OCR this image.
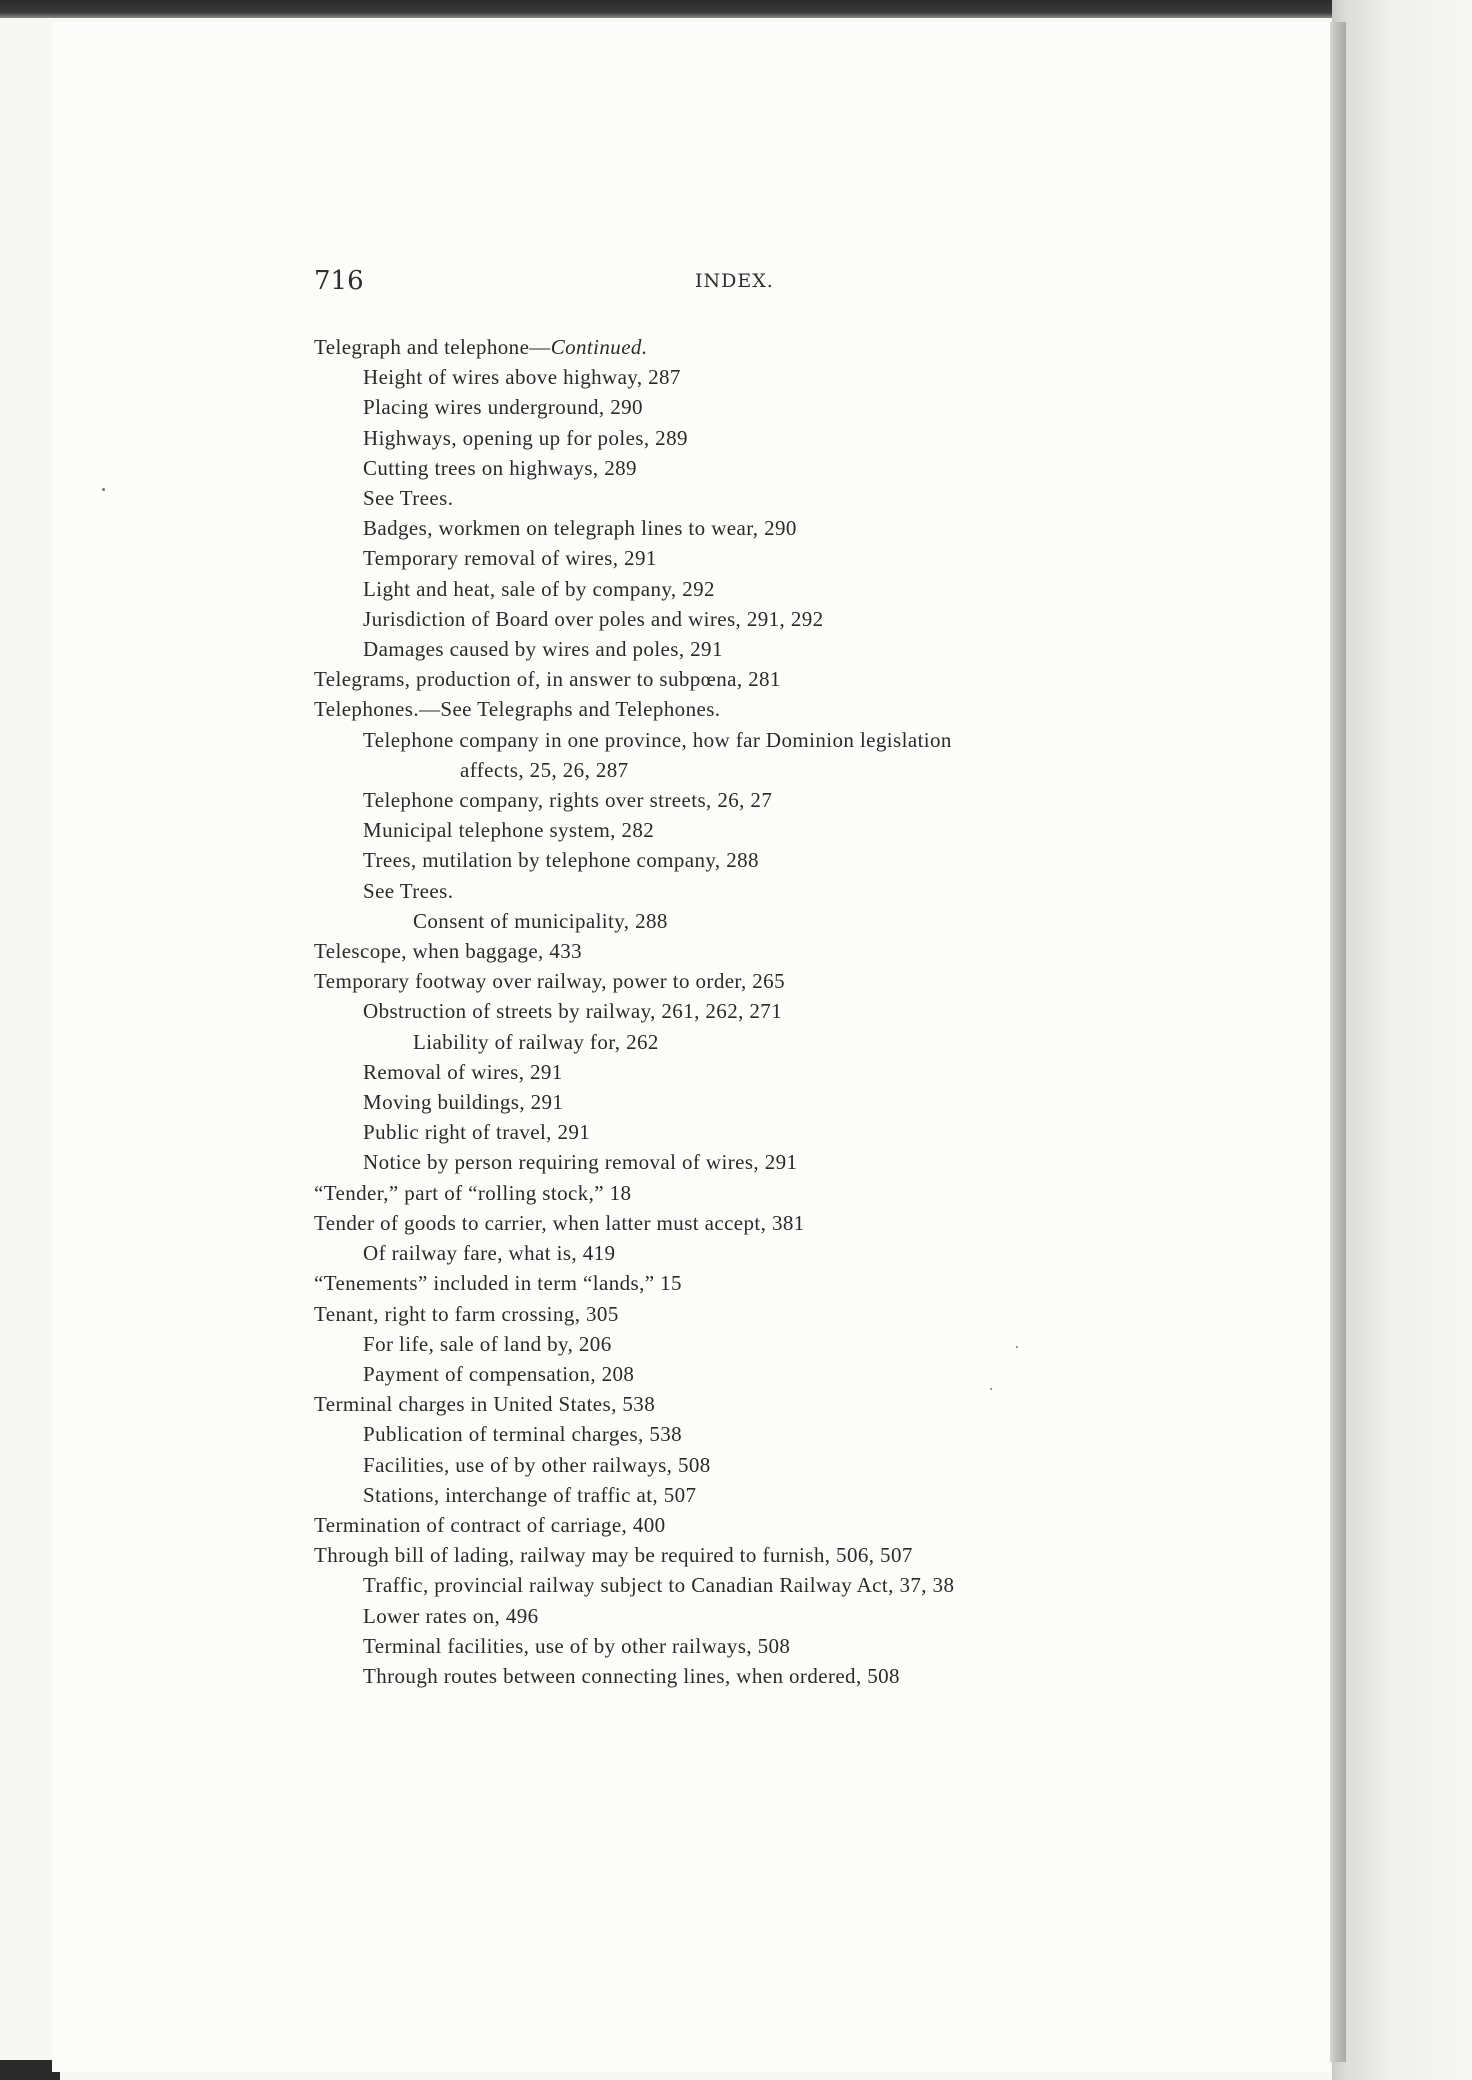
716	INDEX.
Telegraph and telephone—Continued.
Height of wires above highway, 287
Placing wires underground, 290
Highways, opening up for poles, 289
Cutting trees on highways, 289
See Trees.
Badges, workmen on telegraph lines to wear, 290
Temporary removal of wires, 291
Light and heat, sale of by company, 292
Jurisdiction of Board over poles and wires, 291, 292
Damages caused by wires and poles, 291
Telegrams, production of, in answer to subpœna, 281
Telephones.—See Telegraphs and Telephones.
Telephone company in one province, how far Dominion legislation
affects, 25, 26, 287
Telephone company, rights over streets, 26, 27
Municipal telephone system, 282
Trees, mutilation by telephone company, 288
See Trees.
Consent of municipality, 288
Telescope, when baggage, 433
Temporary footway over railway, power to order, 265
Obstruction of streets by railway, 261, 262, 271
Liability of railway for, 262
Removal of wires, 291
Moving buildings, 291
Public right of travel, 291
Notice by person requiring removal of wires, 291
“Tender,” part of “rolling stock,” 18
Tender of goods to carrier, when latter must accept, 381
Of railway fare, what is, 419
“Tenements” included in term “lands,” 15
Tenant, right to farm crossing, 305
For life, sale of land by, 206
Payment of compensation, 208
Terminal charges in United States, 538
Publication of terminal charges, 538
Facilities, use of by other railways, 508
Stations, interchange of traffic at, 507
Termination of contract of carriage, 400
Through bill of lading, railway may be required to furnish, 506, 507
Traffic, provincial railway subject to Canadian Railway Act, 37, 38
Lower rates on, 496
Terminal facilities, use of by other railways, 508
Through routes between connecting lines, when ordered, 508
